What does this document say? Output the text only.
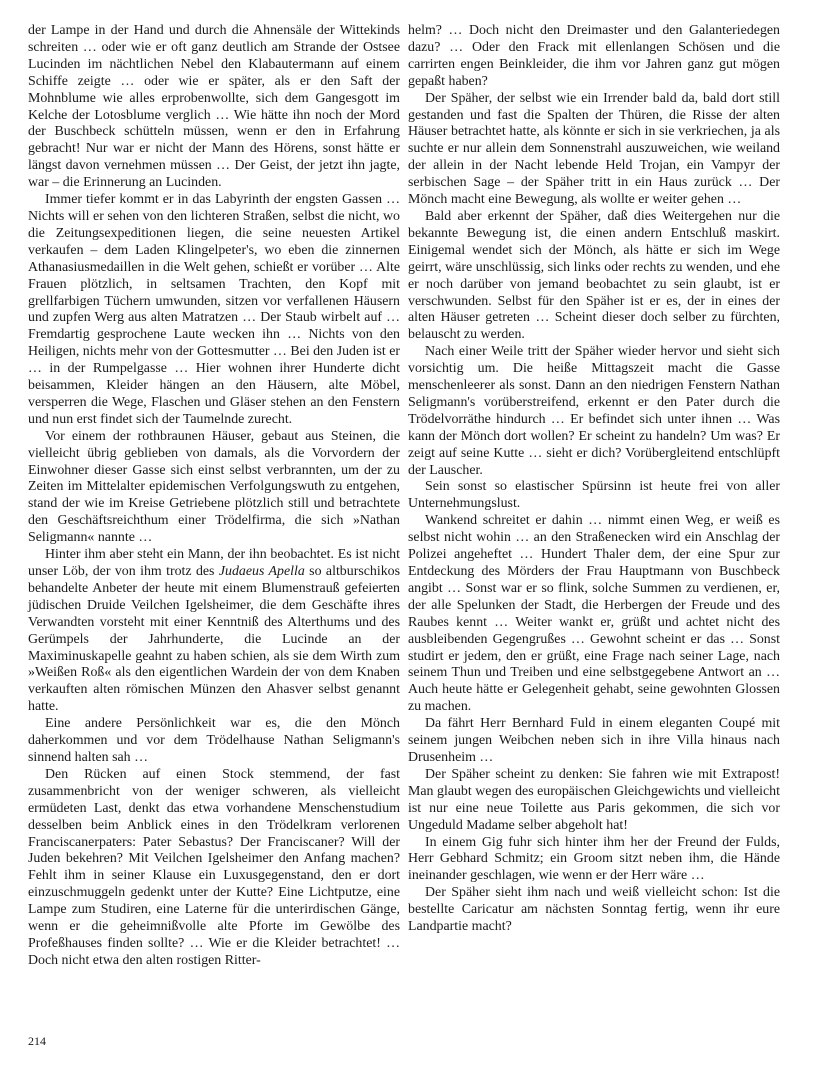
der Lampe in der Hand und durch die Ahnensäle der Wittekinds schreiten … oder wie er oft ganz deutlich am Strande der Ostsee Lucinden im nächtlichen Nebel den Klabautermann auf einem Schiffe zeigte … oder wie er später, als er den Saft der Mohnblume wie alles erprobenwollte, sich dem Gangesgott im Kelche der Lotosblume verglich … Wie hätte ihn noch der Mord der Buschbeck schütteln müssen, wenn er den in Erfahrung gebracht! Nur war er nicht der Mann des Hörens, sonst hätte er längst davon vernehmen müssen … Der Geist, der jetzt ihn jagte, war – die Erinnerung an Lucinden.

Immer tiefer kommt er in das Labyrinth der engsten Gassen … Nichts will er sehen von den lichteren Straßen, selbst die nicht, wo die Zeitungsexpeditionen liegen, die seine neuesten Artikel verkaufen – dem Laden Klingelpeter's, wo eben die zinnernen Athanasiusmedaillen in die Welt gehen, schießt er vorüber … Alte Frauen plötzlich, in seltsamen Trachten, den Kopf mit grellfarbigen Tüchern umwunden, sitzen vor verfallenen Häusern und zupfen Werg aus alten Matratzen … Der Staub wirbelt auf … Fremdartig gesprochene Laute wecken ihn … Nichts von den Heiligen, nichts mehr von der Gottesmutter … Bei den Juden ist er … in der Rumpelgasse … Hier wohnen ihrer Hunderte dicht beisammen, Kleider hängen an den Häusern, alte Möbel, versperren die Wege, Flaschen und Gläser stehen an den Fenstern und nun erst findet sich der Taumelnde zurecht.

Vor einem der rothbraunen Häuser, gebaut aus Steinen, die vielleicht übrig geblieben von damals, als die Vorvordern der Einwohner dieser Gasse sich einst selbst verbrannten, um der zu Zeiten im Mittelalter epidemischen Verfolgungswuth zu entgehen, stand der wie im Kreise Getriebene plötzlich still und betrachtete den Geschäftsreichthum einer Trödelfirma, die sich »Nathan Seligmann« nannte …

Hinter ihm aber steht ein Mann, der ihn beobachtet. Es ist nicht unser Löb, der von ihm trotz des Judaeus Apella so altburschikos behandelte Anbeter der heute mit einem Blumenstrauß gefeierten jüdischen Druide Veilchen Igelsheimer, die dem Geschäfte ihres Verwandten vorsteht mit einer Kenntniß des Alterthums und des Gerümpels der Jahrhunderte, die Lucinde an der Maximinuskapelle geahnt zu haben schien, als sie dem Wirth zum »Weißen Roß« als den eigentlichen Wardein der von dem Knaben verkauften alten römischen Münzen den Ahasver selbst genannt hatte.

Eine andere Persönlichkeit war es, die den Mönch daherkommen und vor dem Trödelhause Nathan Seligmann's sinnend halten sah …

Den Rücken auf einen Stock stemmend, der fast zusammenbricht von der weniger schweren, als vielleicht ermüdeten Last, denkt das etwa vorhandene Menschenstudium desselben beim Anblick eines in den Trödelkram verlorenen Franciscanerpaters: Pater Sebastus? Der Franciscaner? Will der Juden bekehren? Mit Veilchen Igelsheimer den Anfang machen? Fehlt ihm in seiner Klause ein Luxusgegenstand, den er dort einzuschmuggeln gedenkt unter der Kutte? Eine Lichtputze, eine Lampe zum Studiren, eine Laterne für die unterirdischen Gänge, wenn er die geheimnißvolle alte Pforte im Gewölbe des Profeßhauses finden sollte? … Wie er die Kleider betrachtet! … Doch nicht etwa den alten rostigen Ritter-

helm? … Doch nicht den Dreimaster und den Galanteriedegen dazu? … Oder den Frack mit ellenlangen Schösen und die carrirten engen Beinkleider, die ihm vor Jahren ganz gut mögen gepaßt haben?

Der Späher, der selbst wie ein Irrender bald da, bald dort still gestanden und fast die Spalten der Thüren, die Risse der alten Häuser betrachtet hatte, als könnte er sich in sie verkriechen, ja als suchte er nur allein dem Sonnenstrahl auszuweichen, wie weiland der allein in der Nacht lebende Held Trojan, ein Vampyr der serbischen Sage – der Späher tritt in ein Haus zurück … Der Mönch macht eine Bewegung, als wollte er weiter gehen …

Bald aber erkennt der Späher, daß dies Weitergehen nur die bekannte Bewegung ist, die einen andern Entschluß maskirt. Einigemal wendet sich der Mönch, als hätte er sich im Wege geirrt, wäre unschlüssig, sich links oder rechts zu wenden, und ehe er noch darüber von jemand beobachtet zu sein glaubt, ist er verschwunden. Selbst für den Späher ist er es, der in eines der alten Häuser getreten … Scheint dieser doch selber zu fürchten, belauscht zu werden.

Nach einer Weile tritt der Späher wieder hervor und sieht sich vorsichtig um. Die heiße Mittagszeit macht die Gasse menschenleerer als sonst. Dann an den niedrigen Fenstern Nathan Seligmann's vorüberstreifend, erkennt er den Pater durch die Trödelvorräthe hindurch … Er befindet sich unter ihnen … Was kann der Mönch dort wollen? Er scheint zu handeln? Um was? Er zeigt auf seine Kutte … sieht er dich? Vorübergleitend entschlüpft der Lauscher.

Sein sonst so elastischer Spürsinn ist heute frei von aller Unternehmungslust.

Wankend schreitet er dahin … nimmt einen Weg, er weiß es selbst nicht wohin … an den Straßenecken wird ein Anschlag der Polizei angeheftet … Hundert Thaler dem, der eine Spur zur Entdeckung des Mörders der Frau Hauptmann von Buschbeck angibt … Sonst war er so flink, solche Summen zu verdienen, er, der alle Spelunken der Stadt, die Herbergen der Freude und des Raubes kennt … Weiter wankt er, grüßt und achtet nicht des ausbleibenden Gegengrußes … Gewohnt scheint er das … Sonst studirt er jedem, den er grüßt, eine Frage nach seiner Lage, nach seinem Thun und Treiben und eine selbstgegebene Antwort an … Auch heute hätte er Gelegenheit gehabt, seine gewohnten Glossen zu machen.

Da fährt Herr Bernhard Fuld in einem eleganten Coupé mit seinem jungen Weibchen neben sich in ihre Villa hinaus nach Drusenheim …

Der Späher scheint zu denken: Sie fahren wie mit Extrapost! Man glaubt wegen des europäischen Gleichgewichts und vielleicht ist nur eine neue Toilette aus Paris gekommen, die sich vor Ungeduld Madame selber abgeholt hat!

In einem Gig fuhr sich hinter ihm her der Freund der Fulds, Herr Gebhard Schmitz; ein Groom sitzt neben ihm, die Hände ineinander geschlagen, wie wenn er der Herr wäre …

Der Späher sieht ihm nach und weiß vielleicht schon: Ist die bestellte Caricatur am nächsten Sonntag fertig, wenn ihr eure Landpartie macht?

214
